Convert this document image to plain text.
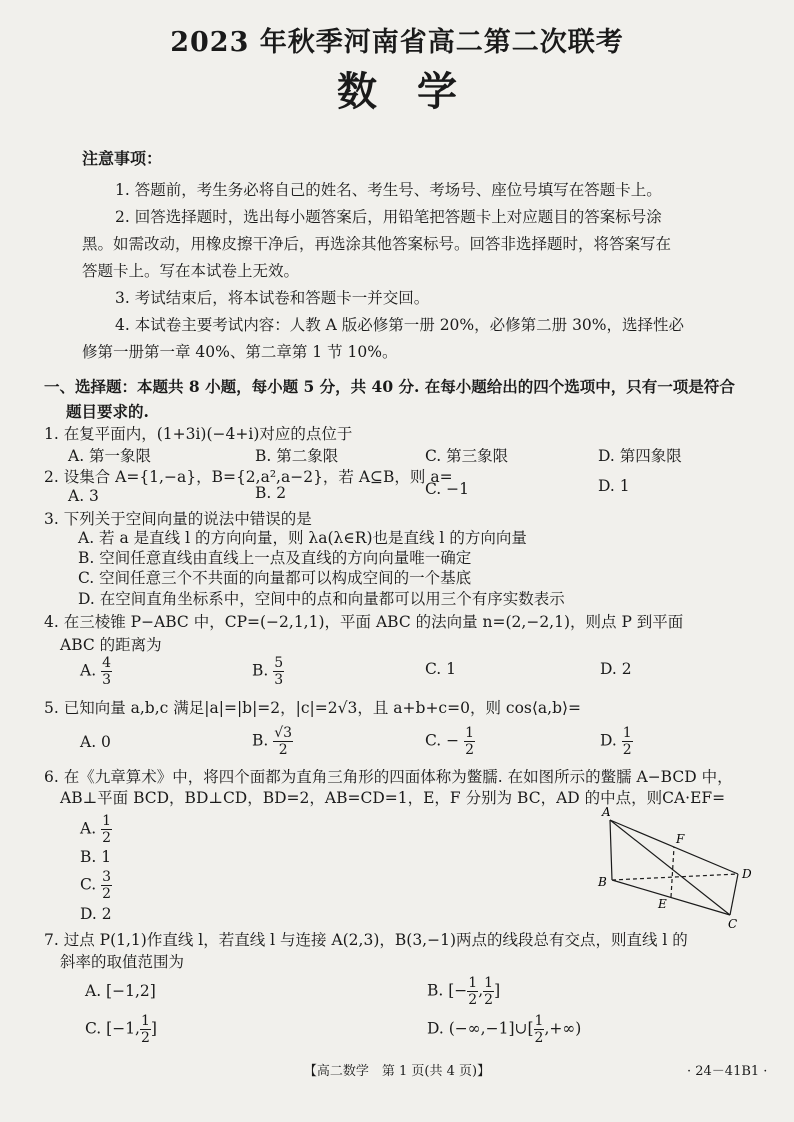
2023 年秋季河南省高二第二次联考
数学
注意事项：
1. 答题前，考生务必将自己的姓名、考生号、考场号、座位号填写在答题卡上。
2. 回答选择题时，选出每小题答案后，用铅笔把答题卡上对应题目的答案标号涂
黑。如需改动，用橡皮擦干净后，再选涂其他答案标号。回答非选择题时，将答案写在
答题卡上。写在本试卷上无效。
3. 考试结束后，将本试卷和答题卡一并交回。
4. 本试卷主要考试内容：人教 A 版必修第一册 20%，必修第二册 30%，选择性必
修第一册第一章 40%、第二章第 1 节 10%。
一、选择题：本题共 8 小题，每小题 5 分，共 40 分. 在每小题给出的四个选项中，只有一项是符合
题目要求的.
1. 在复平面内，(1+3i)(−4+i)对应的点位于
A. 第一象限	B. 第二象限	C. 第三象限	D. 第四象限
2. 设集合 A={1,−a}，B={2,a²,a−2}，若 A⊆B，则 a=
A. 3	B. 2	C. −1	D. 1
3. 下列关于空间向量的说法中错误的是
A. 若 a 是直线 l 的方向向量，则 λa(λ∈R)也是直线 l 的方向向量
B. 空间任意直线由直线上一点及直线的方向向量唯一确定
C. 空间任意三个不共面的向量都可以构成空间的一个基底
D. 在空间直角坐标系中，空间中的点和向量都可以用三个有序实数表示
4. 在三棱锥 P−ABC 中，CP=(−2,1,1)，平面 ABC 的法向量 n=(2,−2,1)，则点 P 到平面
ABC 的距离为
A. $\frac{4}{3}$	B. $\frac{5}{3}$	C. 1	D. 2
5. 已知向量 a,b,c 满足|a|=|b|=2，|c|=2√3，且 a+b+c=0，则 cos⟨a,b⟩=
A. 0	B. $\frac{√3}{2}$	C. − $\frac{1}{2}$	D. $\frac{1}{2}$
6. 在《九章算术》中，将四个面都为直角三角形的四面体称为鳖臑. 在如图所示的鳖臑 A−BCD 中，
AB⊥平面 BCD，BD⊥CD，BD=2，AB=CD=1，E，F 分别为 BC，AD 的中点，则CA·EF=
A. $\frac{1}{2}$
B. 1
C. $\frac{3}{2}$
D. 2
A
B
C
D
E
F
7. 过点 P(1,1)作直线 l，若直线 l 与连接 A(2,3)，B(3,−1)两点的线段总有交点，则直线 l 的
斜率的取值范围为
A. [−1,2]	B. [− $\frac{1}{2}$ , $\frac{1}{2}$ ]
C. [−1, $\frac{1}{2}$ ]	D. (−∞,−1]∪[ $\frac{1}{2}$ ,+∞)
【高二数学　第 1 页(共 4 页)】	· 24－41B1 ·
